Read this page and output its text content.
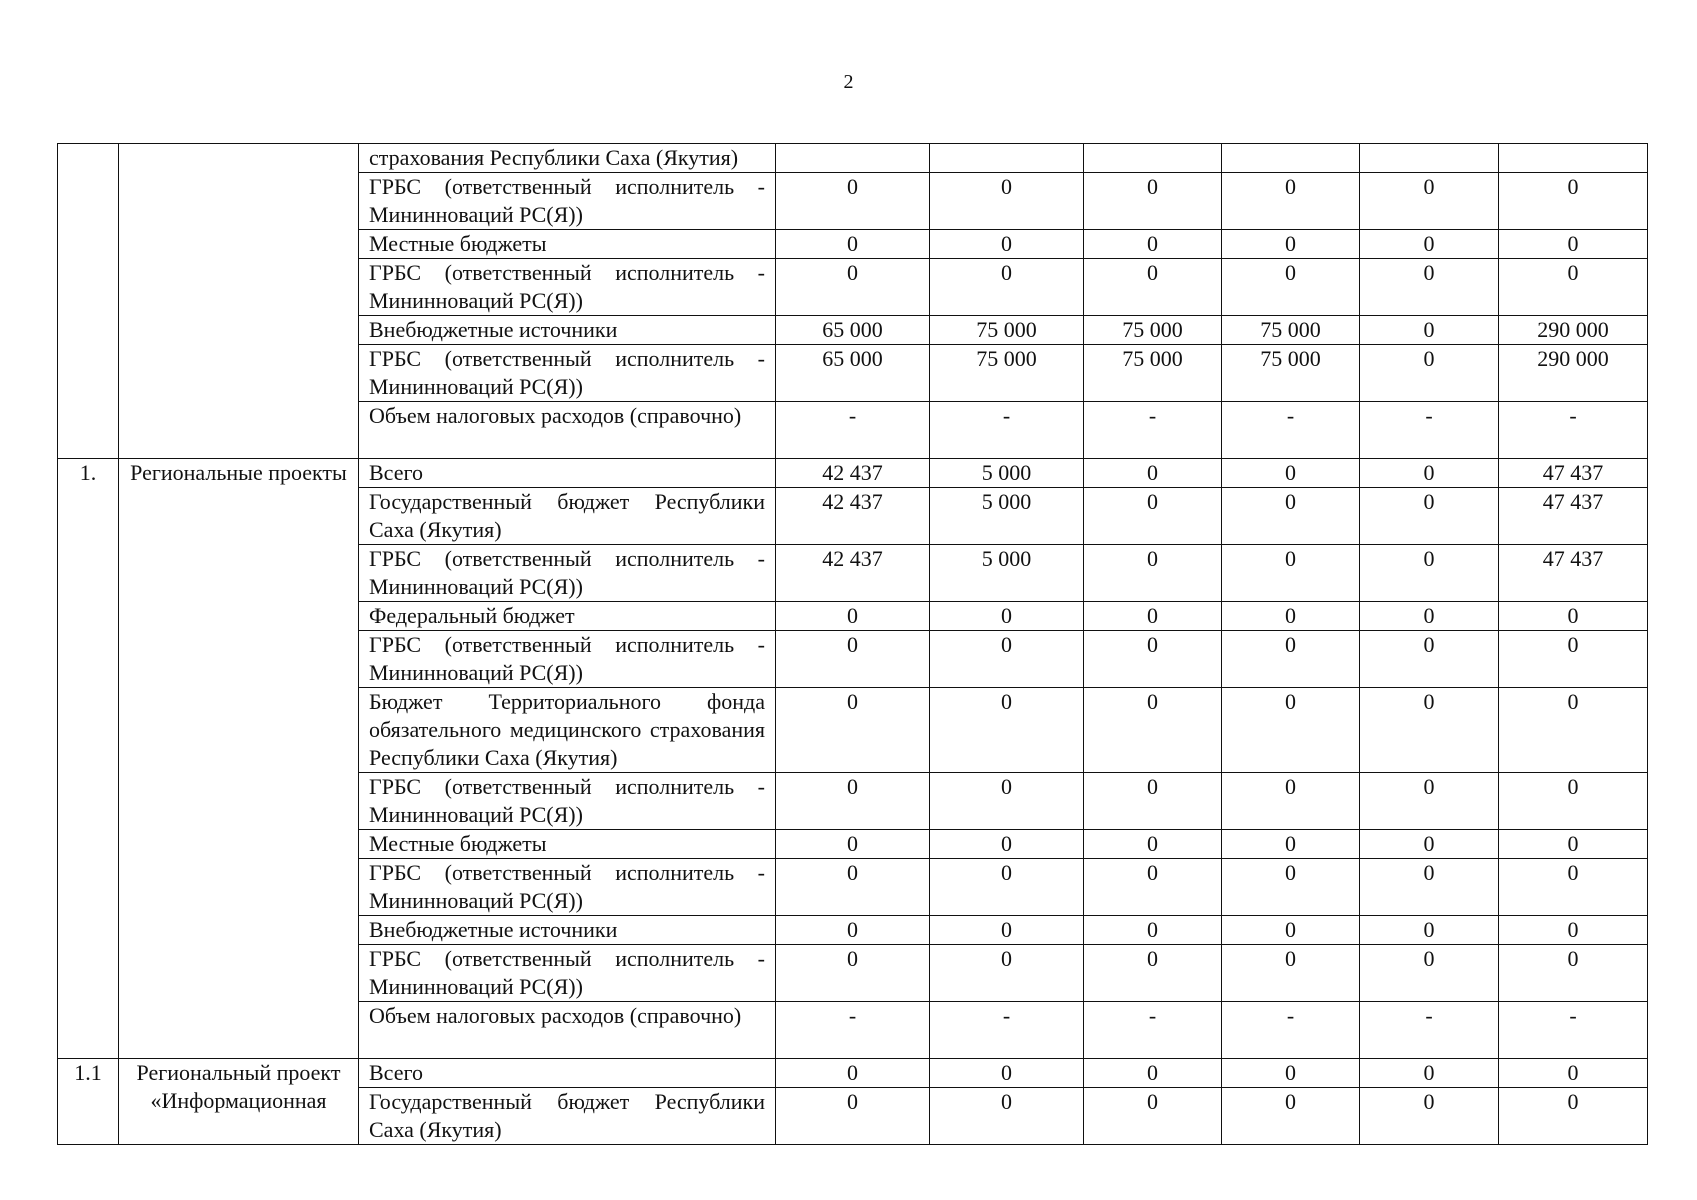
2
		страхования Республики Саха (Якутия)						
		ГРБС (ответственный исполнитель - Мининноваций РС(Я))	0	0	0	0	0	0
		Местные бюджеты	0	0	0	0	0	0
		ГРБС (ответственный исполнитель - Мининноваций РС(Я))	0	0	0	0	0	0
		Внебюджетные источники	65 000	75 000	75 000	75 000	0	290 000
		ГРБС (ответственный исполнитель - Мининноваций РС(Я))	65 000	75 000	75 000	75 000	0	290 000
		Объем налоговых расходов (справочно)	-	-	-	-	-	-
1.	Региональные проекты	Всего	42 437	5 000	0	0	0	47 437
		Государственный бюджет Республики Саха (Якутия)	42 437	5 000	0	0	0	47 437
		ГРБС (ответственный исполнитель - Мининноваций РС(Я))	42 437	5 000	0	0	0	47 437
		Федеральный бюджет	0	0	0	0	0	0
		ГРБС (ответственный исполнитель - Мининноваций РС(Я))	0	0	0	0	0	0
		Бюджет Территориального фонда обязательного медицинского страхования Республики Саха (Якутия)	0	0	0	0	0	0
		ГРБС (ответственный исполнитель - Мининноваций РС(Я))	0	0	0	0	0	0
		Местные бюджеты	0	0	0	0	0	0
		ГРБС (ответственный исполнитель - Мининноваций РС(Я))	0	0	0	0	0	0
		Внебюджетные источники	0	0	0	0	0	0
		ГРБС (ответственный исполнитель - Мининноваций РС(Я))	0	0	0	0	0	0
		Объем налоговых расходов (справочно)	-	-	-	-	-	-
1.1	Региональный проект «Информационная	Всего	0	0	0	0	0	0
		Государственный бюджет Республики Саха (Якутия)	0	0	0	0	0	0
